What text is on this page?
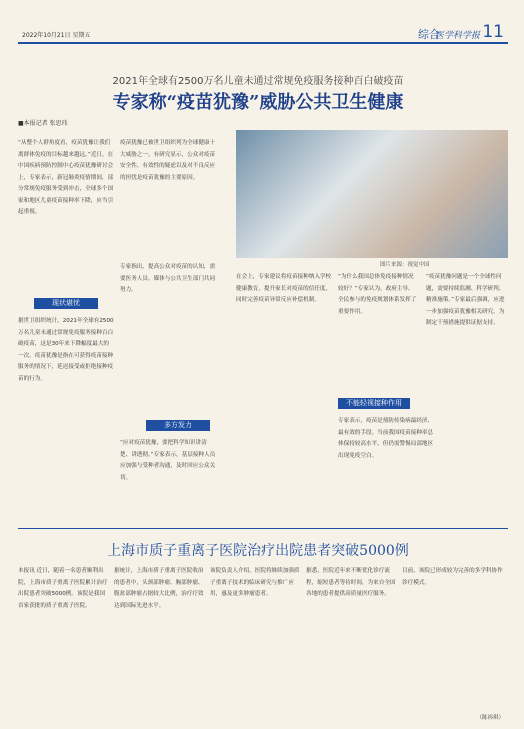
2022年10月21日 星期五	综合
医学科学报 11
2021年全球有2500万名儿童未通过常规免疫服务接种百白破疫苗
专家称“疫苗犹豫”威胁公共卫生健康
■本报记者 张思玮

“从整个人群角度看，疫苗犹豫让我们离群体免疫的目标越来越远。”近日，在中国疾病预防控制中心疫苗犹豫研讨会上，专家表示，新冠肺炎疫情期间，部分常规免疫服务受到冲击，全球多个国家和地区儿童疫苗接种率下降，应当引起重视。

现状堪忧

据世卫组织统计，2021年全球有2500万名儿童未通过常规免疫服务接种百白破疫苗，这是30年来下降幅度最大的一次。疫苗犹豫是指在可获得疫苗接种服务的情况下，延迟接受或拒绝接种疫苗的行为。

疫苗犹豫已被世卫组织列为全球健康十大威胁之一。有研究显示，公众对疫苗安全性、有效性的疑虑以及对不良反应的担忧是疫苗犹豫的主要原因。

专家指出，提高公众对疫苗的认知，需要医务人员、媒体与公共卫生部门共同努力。

多方发力

“应对疫苗犹豫，要把科学知识讲清楚、讲透彻。”专家表示，基层接种人员应加强与受种者沟通，及时回应公众关切。

图片来源：视觉中国

在会上，专家建议将疫苗接种纳入学校健康教育，提升家长对疫苗的信任度，同时完善疫苗异常反应补偿机制。

不能轻视接种作用

专家表示，疫苗是预防传染病最经济、最有效的手段。当前我国疫苗接种率总体保持较高水平，但仍需警惕局部地区出现免疫空白。

“为什么我国总体免疫接种情况较好？”专家认为，政府主导、全民参与的免疫规划体系发挥了重要作用。

“疫苗犹豫问题是一个全球性问题，需要持续监测、科学研判、精准施策。”专家最后强调，应进一步加强疫苗犹豫相关研究，为制定干预措施提供证据支持。

上海市质子重离子医院治疗出院患者突破5000例

本报讯 近日，随着一名患者顺利出院，上海市质子重离子医院累计治疗出院患者突破5000例。该院是我国首家获批的质子重离子医院。

据统计，上海市质子重离子医院收治的患者中，头颈部肿瘤、胸部肿瘤、腹盆部肿瘤占据较大比例，治疗疗效达到国际先进水平。

该院负责人介绍，医院将继续加强质子重离子技术的临床研究与推广应用，惠及更多肿瘤患者。

据悉，医院近年来不断优化诊疗流程，缩短患者等待时间，为来自全国各地的患者提供高质量医疗服务。

目前，该院已形成较为完善的多学科协作诊疗模式。

（陈祎琪）
